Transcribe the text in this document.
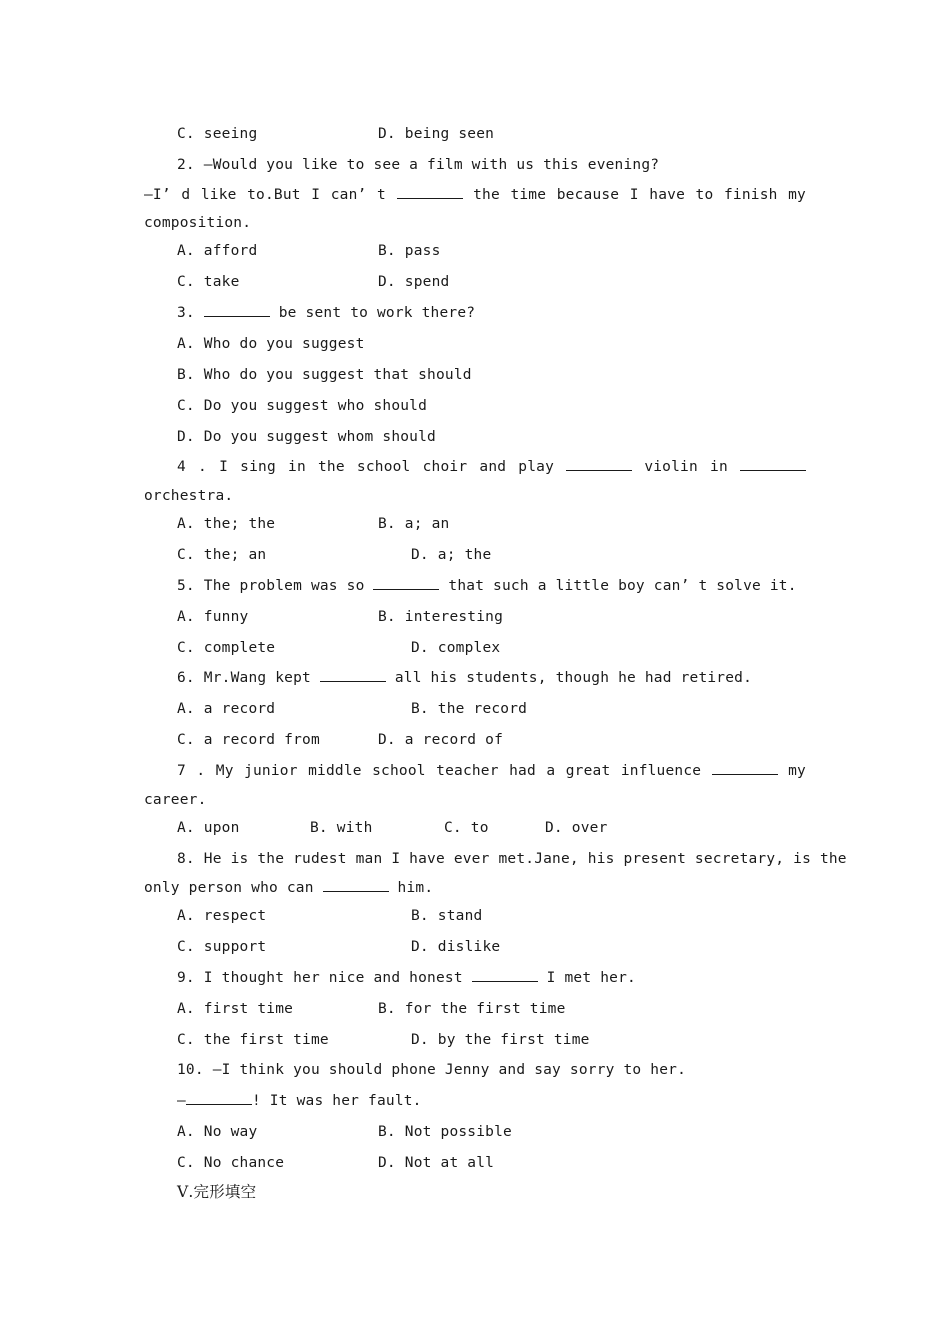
C. seeing	D. being seen
2. —Would you like to see a film with us this evening?
—I’ d like to.But I can’ t	the time because I have to finish my
composition.
A. afford	B. pass
C. take	D. spend
3.	be sent to work there?
A. Who do you suggest
B. Who do you suggest that should
C. Do you suggest who should
D. Do you suggest whom should
4 . I sing in the school choir and play	violin in
orchestra.
A. the; the	B. a; an
C. the; an	D. a; the
5. The problem was so	that such a little boy can’ t solve it.
A. funny	B. interesting
C. complete	D. complex
6. Mr.Wang kept	all his students, though he had retired.
A. a record	B. the record
C. a record from	D. a record of
7 . My junior middle school teacher had a great influence	my
career.
A. upon	B. with	C. to	D. over
8. He is the rudest man I have ever met.Jane, his present secretary, is the
only person who can	him.
A. respect	B. stand
C. support	D. dislike
9. I thought her nice and honest	I met her.
A. first time	B. for the first time
C. the first time	D. by the first time
10. —I think you should phone Jenny and say sorry to her.
—	! It was her fault.
A. No way	B. Not possible
C. No chance	D. Not at all
Ⅴ.完形填空
